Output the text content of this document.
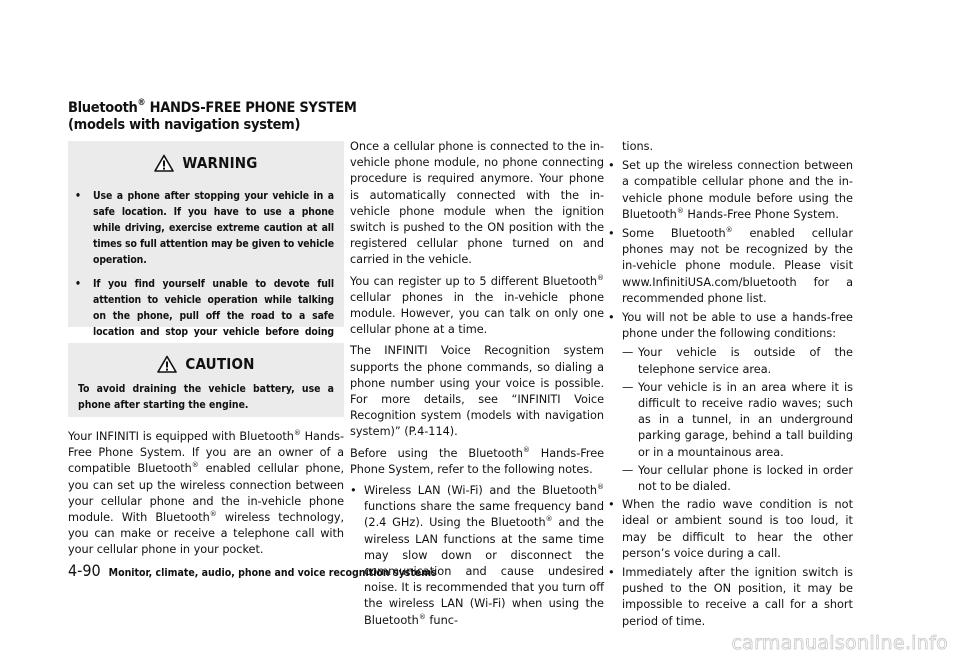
Bluetooth® HANDS-FREE PHONE SYSTEM
(models with navigation system)
WARNING
•	Use a phone after stopping your vehicle in a safe location. If you have to use a phone while driving, exercise extreme caution at all times so full attention may be given to vehicle operation.
•	If you find yourself unable to devote full attention to vehicle operation while talking on the phone, pull off the road to a safe location and stop your vehicle before doing
CAUTION
To avoid draining the vehicle battery, use a phone after starting the engine.

Your INFINITI is equipped with Bluetooth® Hands-Free Phone System. If you are an owner of a compatible Bluetooth® enabled cellular phone, you can set up the wireless connection between your cellular phone and the in-vehicle phone module. With Bluetooth® wireless technology, you can make or receive a telephone call with your cellular phone in your pocket.

Once a cellular phone is connected to the in-vehicle phone module, no phone connecting procedure is required anymore. Your phone is automatically connected with the in-vehicle phone module when the ignition switch is pushed to the ON position with the registered cellular phone turned on and carried in the vehicle.

You can register up to 5 different Bluetooth® cellular phones in the in-vehicle phone module. However, you can talk on only one cellular phone at a time.

The INFINITI Voice Recognition system supports the phone commands, so dialing a phone number using your voice is possible. For more details, see “INFINITI Voice Recognition system (models with navigation system)” (P.4-114).

Before using the Bluetooth® Hands-Free Phone System, refer to the following notes.

• Wireless LAN (Wi-Fi) and the Bluetooth® functions share the same frequency band (2.4 GHz). Using the Bluetooth® and the wireless LAN functions at the same time may slow down or disconnect the communication and cause undesired noise. It is recommended that you turn off the wireless LAN (Wi-Fi) when using the Bluetooth® func-
tions.
• Set up the wireless connection between a compatible cellular phone and the in-vehicle phone module before using the Bluetooth® Hands-Free Phone System.
• Some Bluetooth® enabled cellular phones may not be recognized by the in-vehicle phone module. Please visit www.InfinitiUSA.com/bluetooth for a recommended phone list.
• You will not be able to use a hands-free phone under the following conditions:
— Your vehicle is outside of the telephone service area.
— Your vehicle is in an area where it is difficult to receive radio waves; such as in a tunnel, in an underground parking garage, behind a tall building or in a mountainous area.
— Your cellular phone is locked in order not to be dialed.
• When the radio wave condition is not ideal or ambient sound is too loud, it may be difficult to hear the other person’s voice during a call.
• Immediately after the ignition switch is pushed to the ON position, it may be impossible to receive a call for a short period of time.
4-90 Monitor, climate, audio, phone and voice recognition systems
carmanualsonline.info
